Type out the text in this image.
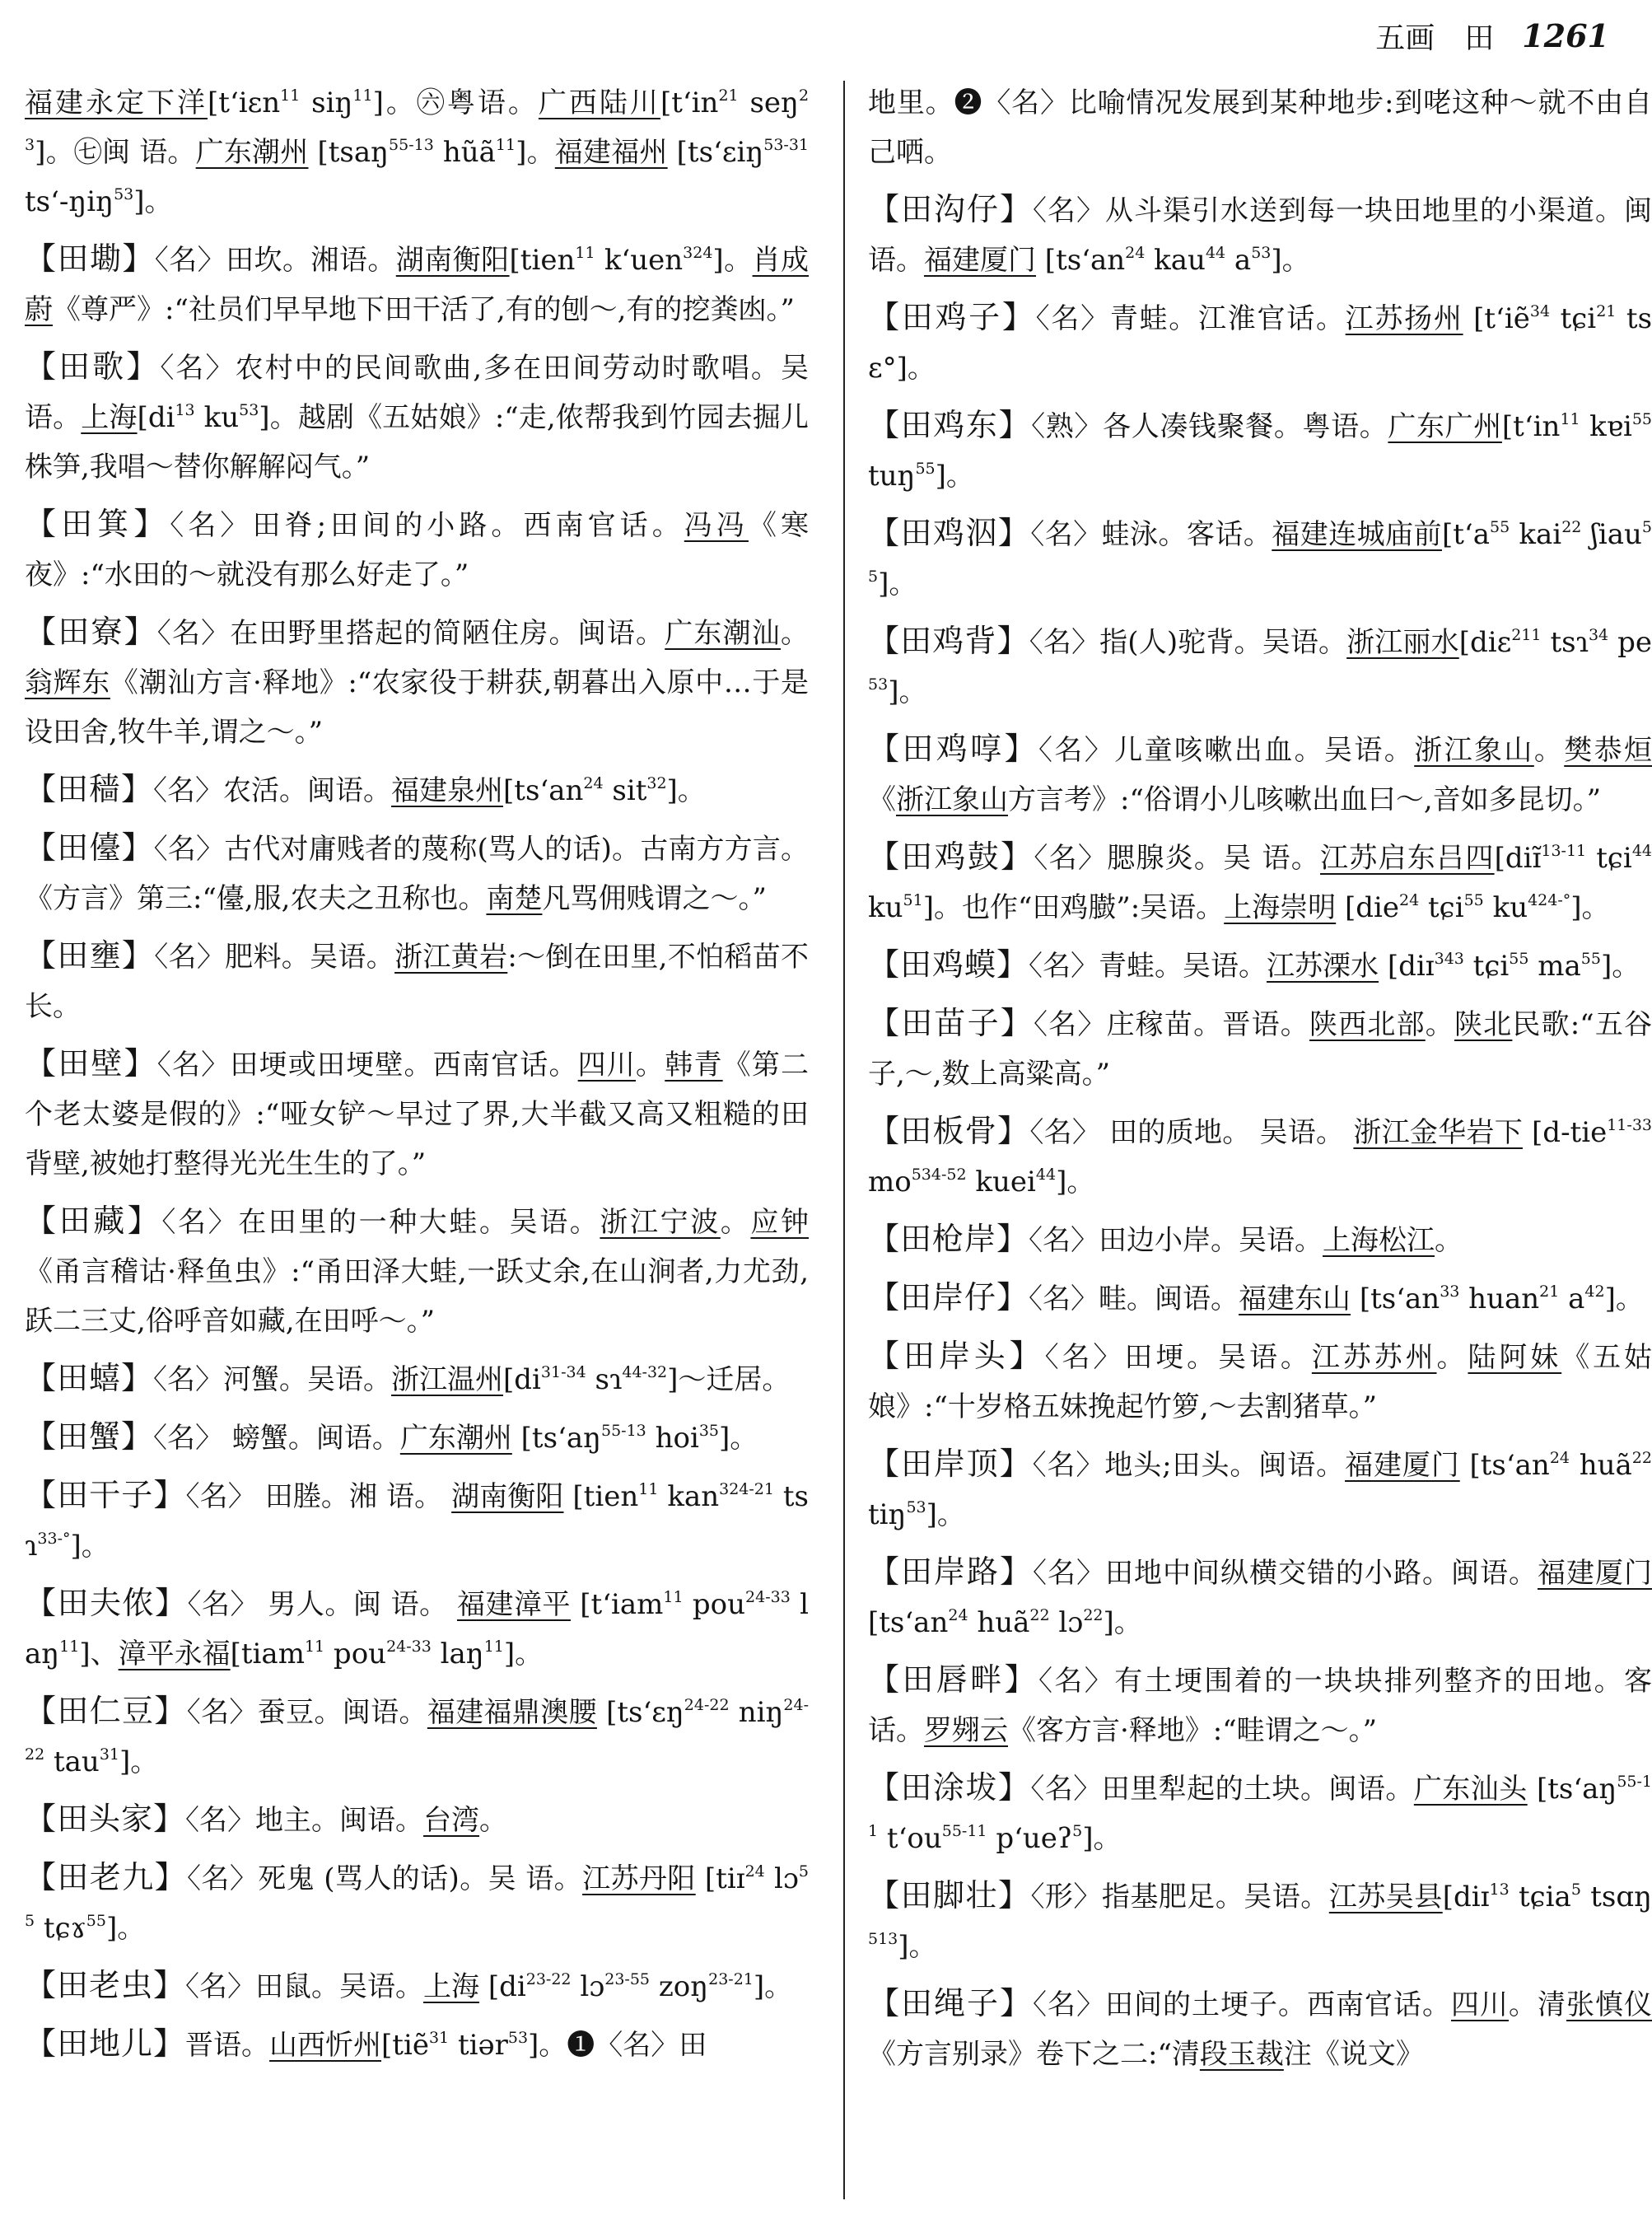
五画　田 1261

福建永定下洋[t‘iɛn$^{11}$ siŋ$^{11}$]。㊅粤语。广西陆川[$t‘in^{21}$ seŋ$^{23}$]。㊆闽 语。广东潮州 [tsaŋ$^{55-13}$ hũã$^{11}$]。福建福州 [ts‘ɛiŋ$^{53-31}$ ts‘-ŋiŋ$^{53}$]。

【田墈】〈名〉田坎。湘语。湖南衡阳[tien$^{11}$ k‘uen$^{324}$]。肖成蔚《尊严》:“社员们早早地下田干活了,有的刨～,有的挖粪凼。”

【田歌】〈名〉农村中的民间歌曲,多在田间劳动时歌唱。吴语。上海[$di^{13}$ $ku^{53}$]。越剧《五姑娘》:“走,侬帮我到竹园去掘儿株笋,我唱～替你解解闷气。”

【田箕】〈名〉田脊;田间的小路。西南官话。冯冯《寒夜》:“水田的～就没有那么好走了。”

【田寮】〈名〉在田野里搭起的简陋住房。闽语。广东潮汕。翁辉东《潮汕方言·释地》:“农家役于耕获,朝暮出入原中…于是设田舍,牧牛羊,谓之～。”

【田穑】〈名〉农活。闽语。福建泉州[$ts‘an^{24}$ sit$^{32}$]。

【田儓】〈名〉古代对庸贱者的蔑称(骂人的话)。古南方方言。《方言》第三:“儓,服,农夫之丑称也。南楚凡骂佣贱谓之～。”

【田壅】〈名〉肥料。吴语。浙江黄岩:～倒在田里,不怕稻苗不长。

【田壁】〈名〉田埂或田埂壁。西南官话。四川。韩青《第二个老太婆是假的》:“哑女铲～早过了界,大半截又高又粗糙的田背壁,被她打整得光光生生的了。”

【田藏】〈名〉在田里的一种大蛙。吴语。浙江宁波。应钟《甬言稽诂·释鱼虫》:“甬田泽大蛙,一跃丈余,在山涧者,力尤劲,跃二三丈,俗呼音如藏,在田呼～。”

【田蟢】〈名〉河蟹。吴语。浙江温州[$di^{31-34}$ sɿ$^{44-32}$]～迁居。

【田蟹】〈名〉 螃蟹。闽语。广东潮州 [$ts‘aŋ^{55-13}$ hoi$^{35}$]。

【田干子】〈名〉 田塍。湘 语。 湖南衡阳 [tien$^{11}$ kan$^{324-21}$ tsɿ$^{33-^\circ}$]。

【田夫侬】〈名〉 男人。闽 语。 福建漳平 [t‘iam$^{11}$ pou$^{24-33}$ laŋ$^{11}$]、漳平永福[tiam$^{11}$ pou$^{24-33}$ laŋ$^{11}$]。

【田仁豆】〈名〉蚕豆。闽语。福建福鼎澳腰 [ts‘ɛŋ$^{24-22}$ niŋ$^{24-22}$ tau$^{31}$]。

【田头家】〈名〉地主。闽语。台湾。

【田老九】〈名〉死鬼 (骂人的话)。吴 语。江苏丹阳 [tiɪ$^{24}$ lɔ$^{55}$ tɕɤ$^{55}$]。

【田老虫】〈名〉田鼠。吴语。上海 [$di^{23-22}$ lɔ$^{23-55}$ zoŋ$^{23-21}$]。

【田地儿】晋语。山西忻州[tiẽ$^{31}$ tiər$^{53}$]。❶〈名〉田

地里。❷〈名〉比喻情况发展到某种地步:到咾这种～就不由自己哂。

【田沟仔】〈名〉从斗渠引水送到每一块田地里的小渠道。闽语。福建厦门 [$ts‘an^{24}$ kau$^{44}$ $a^{53}$]。

【田鸡子】〈名〉青蛙。江淮官话。江苏扬州 [t‘iẽ$^{34}$ tɕi$^{21}$ tsɛ°]。

【田鸡东】〈熟〉各人凑钱聚餐。粤语。广东广州[$t‘in^{11}$ kɐi$^{55}$ tuŋ$^{55}$]。

【田鸡泅】〈名〉蛙泳。客话。福建连城庙前[$t‘a^{55}$ kai$^{22}$ ʃiau$^{55}$]。

【田鸡背】〈名〉指(人)驼背。吴语。浙江丽水[diɛ$^{211}$ tsɿ$^{34}$ $pe^{53}$]。

【田鸡啍】〈名〉儿童咳嗽出血。吴语。浙江象山。樊恭烜《浙江象山方言考》:“俗谓小儿咳嗽出血曰～,音如多昆切。”

【田鸡鼓】〈名〉腮腺炎。吴 语。江苏启东吕四[diɪ̃$^{13-11}$ tɕi$^{44}$ $ku^{51}$]。也作“田鸡臌”:吴语。上海崇明 [die$^{24}$ tɕi$^{55}$ $ku^{424-^\circ}$]。

【田鸡蟆】〈名〉青蛙。吴语。江苏溧水 [diɪ$^{343}$ tɕi$^{55}$ $ma^{55}$]。

【田苗子】〈名〉庄稼苗。晋语。陕西北部。陕北民歌:“五谷子,～,数上高粱高。”

【田板骨】〈名〉 田的质地。 吴语。 浙江金华岩下 [d-tie$^{11-33}$ $mo^{534-52}$ kuei$^{44}$]。

【田枪岸】〈名〉田边小岸。吴语。上海松江。

【田岸仔】〈名〉畦。闽语。福建东山 [$ts‘an^{33}$ huan$^{21}$ $a^{42}$]。

【田岸头】〈名〉田埂。吴语。江苏苏州。陆阿妹《五姑娘》:“十岁格五妹挽起竹箩,～去割猪草。”

【田岸顶】〈名〉地头;田头。闽语。福建厦门 [$ts‘an^{24}$ huã$^{22}$ tiŋ$^{53}$]。

【田岸路】〈名〉田地中间纵横交错的小路。闽语。福建厦门 [$ts‘an^{24}$ huã$^{22}$ lɔ$^{22}$]。

【田唇畔】〈名〉有土埂围着的一块块排列整齐的田地。客话。罗翙云《客方言·释地》:“畦谓之～。”

【田涂坺】〈名〉田里犁起的土块。闽语。广东汕头 [$ts‘aŋ^{55-11}$ $t‘ou^{55-11}$ p‘ueʔ$^5$]。

【田脚壮】〈形〉指基肥足。吴语。江苏吴县[diɪ$^{13}$ tɕia$^5$ tsɑŋ$^{513}$]。

【田绳子】〈名〉田间的土埂子。西南官话。四川。清张慎仪《方言别录》卷下之二:“清段玉裁注《说文》
